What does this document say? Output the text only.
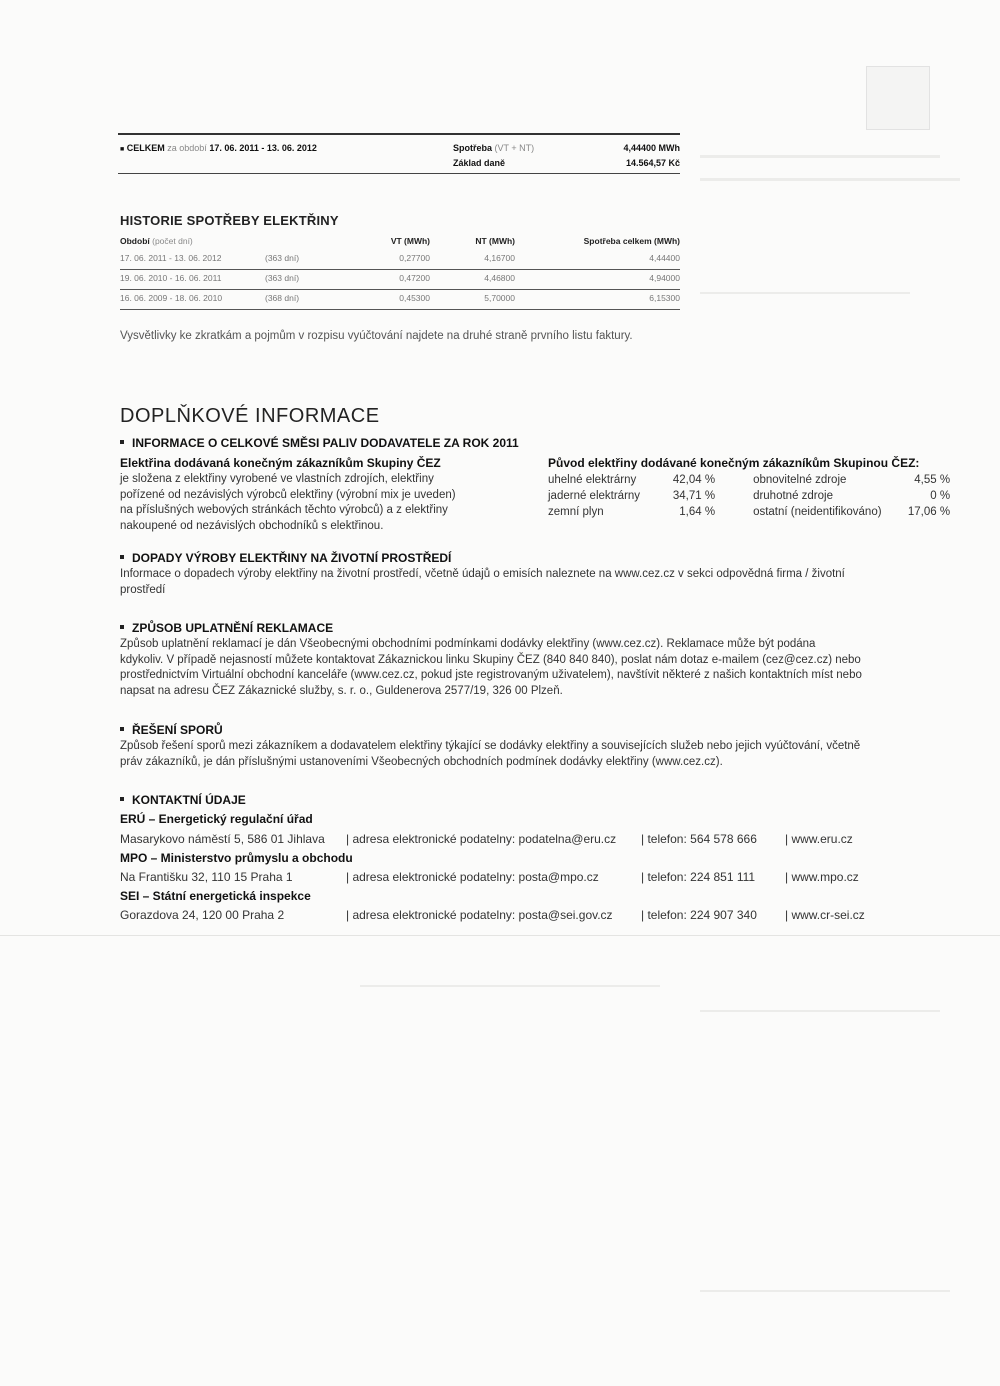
■ CELKEM za období 17. 06. 2011 - 13. 06. 2012	Spotřeba (VT + NT)	4,44400 MWh
Základ daně	14.564,57 Kč
HISTORIE SPOTŘEBY ELEKTŘINY
Období (počet dní)		VT (MWh)	NT (MWh)	Spotřeba celkem (MWh)
17. 06. 2011 - 13. 06. 2012	(363 dní)	0,27700	4,16700	4,44400
19. 06. 2010 - 16. 06. 2011	(363 dní)	0,47200	4,46800	4,94000
16. 06. 2009 - 18. 06. 2010	(368 dní)	0,45300	5,70000	6,15300
Vysvětlivky ke zkratkám a pojmům v rozpisu vyúčtování najdete na druhé straně prvního listu faktury.
DOPLŇKOVÉ INFORMACE
INFORMACE O CELKOVÉ SMĚSI PALIV DODAVATELE ZA ROK 2011
Elektřina dodávaná konečným zákazníkům Skupiny ČEZ
je složena z elektřiny vyrobené ve vlastních zdrojích, elektřiny
pořízené od nezávislých výrobců elektřiny (výrobní mix je uveden)
na příslušných webových stránkách těchto výrobců) a z elektřiny
nakoupené od nezávislých obchodníků s elektřinou.
Původ elektřiny dodávané konečným zákazníkům Skupinou ČEZ:
uhelné elektrárny	42,04 %	obnovitelné zdroje	4,55 %
jaderné elektrárny	34,71 %	druhotné zdroje	0 %
zemní plyn	1,64 %	ostatní (neidentifikováno)	17,06 %
DOPADY VÝROBY ELEKTŘINY NA ŽIVOTNÍ PROSTŘEDÍ
Informace o dopadech výroby elektřiny na životní prostředí, včetně údajů o emisích naleznete na www.cez.cz v sekci odpovědná firma / životní
prostředí
ZPŮSOB UPLATNĚNÍ REKLAMACE
Způsob uplatnění reklamací je dán Všeobecnými obchodními podmínkami dodávky elektřiny (www.cez.cz). Reklamace může být podána
kdykoliv. V případě nejasností můžete kontaktovat Zákaznickou linku Skupiny ČEZ (840 840 840), poslat nám dotaz e-mailem (cez@cez.cz) nebo
prostřednictvím Virtuální obchodní kanceláře (www.cez.cz, pokud jste registrovaným uživatelem), navštívit některé z našich kontaktních míst nebo
napsat na adresu ČEZ Zákaznické služby, s. r. o., Guldenerova 2577/19, 326 00 Plzeň.
ŘEŠENÍ SPORŮ
Způsob řešení sporů mezi zákazníkem a dodavatelem elektřiny týkající se dodávky elektřiny a souvisejících služeb nebo jejich vyúčtování, včetně
práv zákazníků, je dán příslušnými ustanoveními Všeobecných obchodních podmínek dodávky elektřiny (www.cez.cz).
KONTAKTNÍ ÚDAJE
ERÚ – Energetický regulační úřad
Masarykovo náměstí 5, 586 01 Jihlava | adresa elektronické podatelny: podatelna@eru.cz | telefon: 564 578 666 | www.eru.cz
MPO – Ministerstvo průmyslu a obchodu
Na Františku 32, 110 15 Praha 1	| adresa elektronické podatelny: posta@mpo.cz	| telefon: 224 851 111 | www.mpo.cz
SEI – Státní energetická inspekce
Gorazdova 24, 120 00 Praha 2	| adresa elektronické podatelny: posta@sei.gov.cz | telefon: 224 907 340 | www.cr-sei.cz
